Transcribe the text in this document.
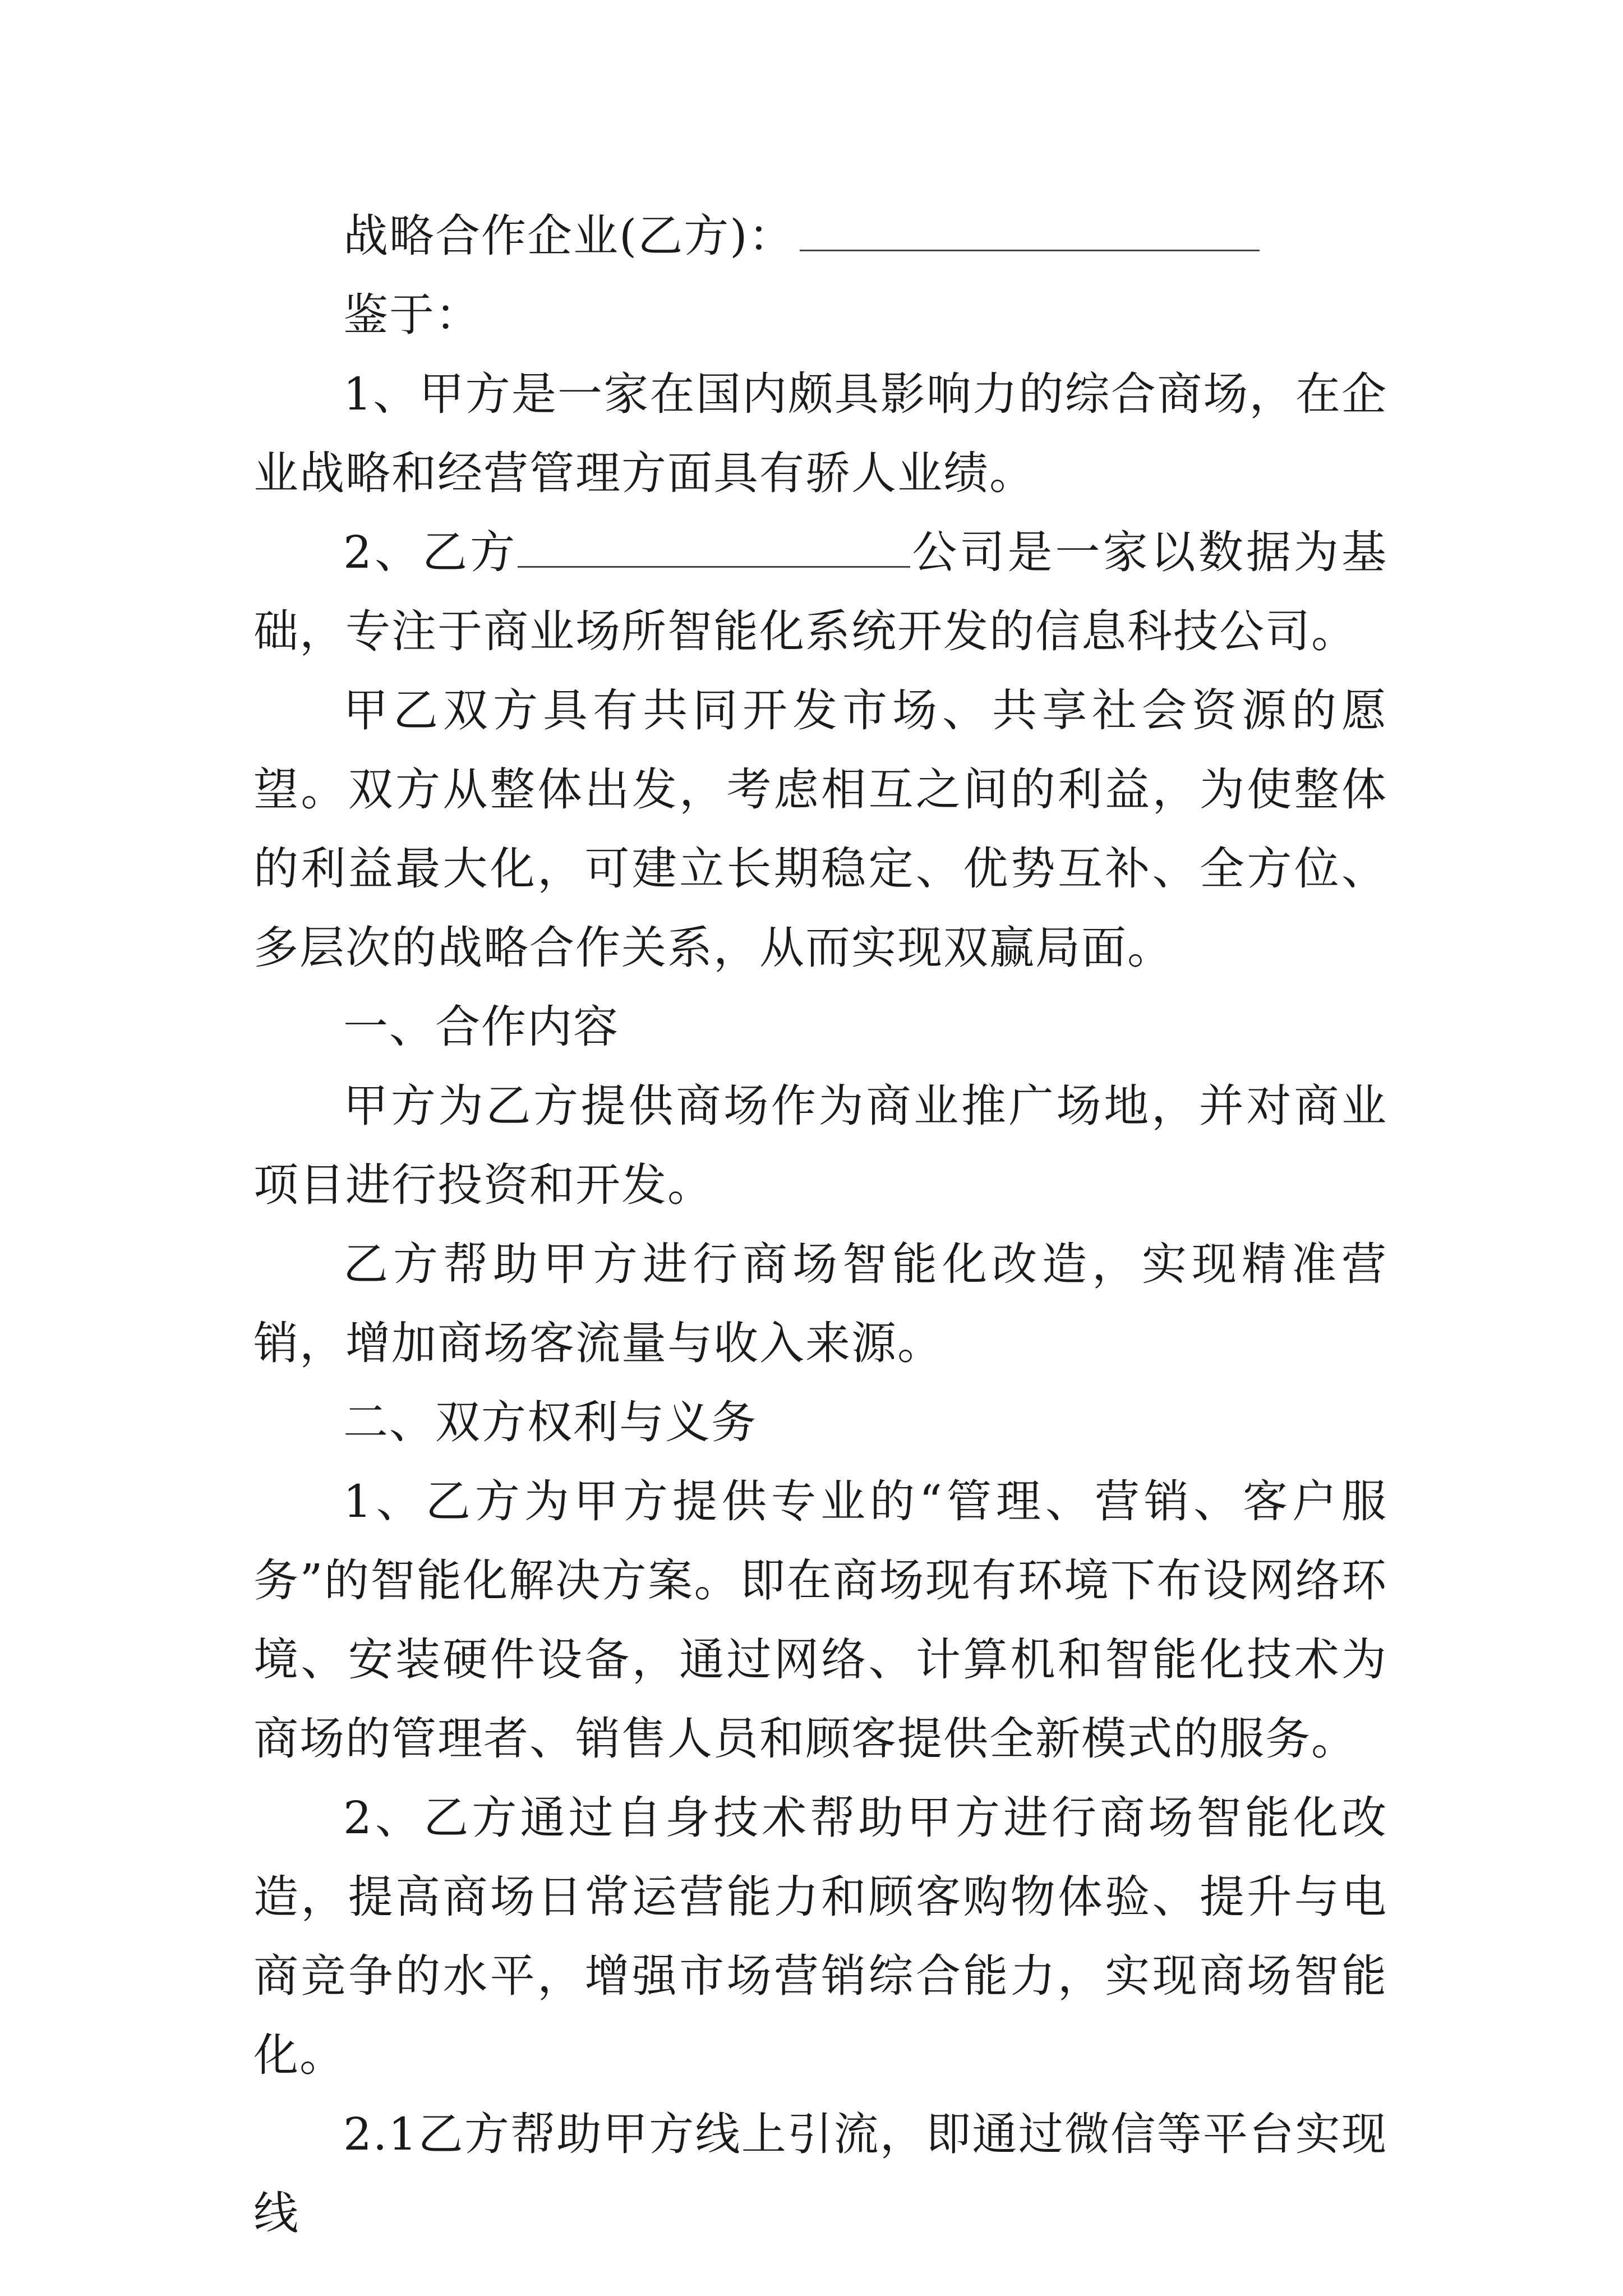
战略合作企业(乙方)：

鉴于：

1、甲方是一家在国内颇具影响力的综合商场，在企业战略和经营管理方面具有骄人业绩。

2、乙方	公司是一家以数据为基础，专注于商业场所智能化系统开发的信息科技公司。

甲乙双方具有共同开发市场、共享社会资源的愿望。双方从整体出发，考虑相互之间的利益，为使整体的利益最大化，可建立长期稳定、优势互补、全方位、多层次的战略合作关系，从而实现双赢局面。

一、合作内容

甲方为乙方提供商场作为商业推广场地，并对商业项目进行投资和开发。

乙方帮助甲方进行商场智能化改造，实现精准营销，增加商场客流量与收入来源。

二、双方权利与义务

1、乙方为甲方提供专业的“管理、营销、客户服务”的智能化解决方案。即在商场现有环境下布设网络环境、安装硬件设备，通过网络、计算机和智能化技术为商场的管理者、销售人员和顾客提供全新模式的服务。

2、乙方通过自身技术帮助甲方进行商场智能化改造，提高商场日常运营能力和顾客购物体验、提升与电商竞争的水平，增强市场营销综合能力，实现商场智能化。

2.1乙方帮助甲方线上引流，即通过微信等平台实现线
